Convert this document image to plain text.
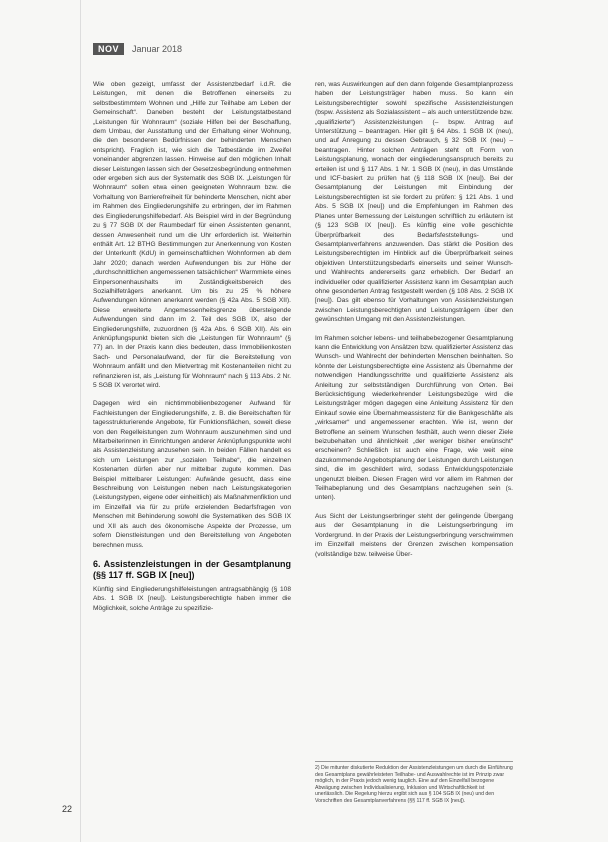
NOV	Januar 2018

Wie oben gezeigt, umfasst der Assistenzbedarf i.d.R. die Leistungen, mit denen die Betroffenen einerseits zu selbstbestimmtem Wohnen und „Hilfe zur Teilhabe am Leben der Gemeinschaft“. Daneben besteht der Leistungstatbestand „Leistungen für Wohnraum“ (soziale Hilfen bei der Beschaffung, dem Umbau, der Ausstattung und der Erhaltung einer Wohnung, die den besonderen Bedürfnissen der behinderten Menschen entspricht). Fraglich ist, wie sich die Tatbestände im Zweifel voneinander abgrenzen lassen. Hinweise auf den möglichen Inhalt dieser Leistungen lassen sich der Gesetzesbegründung entnehmen oder ergeben sich aus der Systematik des SGB IX. „Leistungen für Wohnraum“ sollen etwa einen geeigneten Wohnraum bzw. die Vorhaltung von Barrierefreiheit für behinderte Menschen, nicht aber im Rahmen des Eingliederungshilfe zu erbringen, der im Rahmen des Eingliederungshilfebedarf. Als Beispiel wird in der Begründung zu § 77 SGB IX der Raumbedarf für einen Assistenten genannt, dessen Anwesenheit rund um die Uhr erforderlich ist. Weiterhin enthält Art. 12 BTHG Bestimmungen zur Anerkennung von Kosten der Unterkunft (KdU) in gemeinschaftlichen Wohnformen ab dem Jahr 2020; danach werden Aufwendungen bis zur Höhe der „durchschnittlichen angemessenen tatsächlichen“ Warmmiete eines Einpersonenhaushalts im Zuständigkeitsbereich des Sozialhilfeträgers anerkannt. Um bis zu 25 % höhere Aufwendungen können anerkannt werden (§ 42a Abs. 5 SGB XII). Diese erweiterte Angemessenheitsgrenze übersteigende Aufwendungen sind dann im 2. Teil des SGB IX, also der Eingliederungshilfe, zuzuordnen (§ 42a Abs. 6 SGB XII). Als ein Anknüpfungspunkt bieten sich die „Leistungen für Wohnraum“ (§ 77) an. In der Praxis kann dies bedeuten, dass Immobilienkosten Sach- und Personalaufwand, der für die Bereitstellung von Wohnraum anfällt und den Mietvertrag mit Kostenanteilen nicht zu refinanzieren ist, als „Leistung für Wohnraum“ nach § 113 Abs. 2 Nr. 5 SGB IX verortet wird.

Dagegen wird ein nichtimmobilienbezogener Aufwand für Fachleistungen der Eingliederungshilfe, z. B. die Bereitschaften für tagesstrukturierende Angebote, für Funktionsflächen, soweit diese von den Regelleistungen zum Wohnraum auszunehmen sind und Mitarbeiterinnen in Einrichtungen anderer Anknüpfungspunkte wohl als Assistenzleistung anzusehen sein. In beiden Fällen handelt es sich um Leistungen zur „sozialen Teilhabe“, die einzelnen Kostenarten dürfen aber nur mittelbar zugute kommen. Das Beispiel mittelbarer Leistungen: Aufwände gesucht, dass eine Beschreibung von Leistungen neben nach Leistungskategorien (Leistungstypen, eigene oder einheitlich) als Maßnahmenfiktion und im Einzelfall via für zu prüfe erzielenden Bedarfsfragen von Menschen mit Behinderung sowohl die Systematiken des SGB IX und XII als auch des ökonomische Aspekte der Prozesse, um sofern Dienstleistungen und den Bereitstellung von Angeboten berechnen muss.

6. Assistenzleistungen in der Gesamtplanung (§§ 117 ff. SGB IX [neu])

Künftig sind Eingliederungshilfeleistungen antragsabhängig (§ 108 Abs. 1 SGB IX [neu]). Leistungsberechtigte haben immer die Möglichkeit, solche Anträge zu spezifizie-

ren, was Auswirkungen auf den dann folgende Gesamtplanprozess haben der Leistungsträger haben muss. So kann ein Leistungsberechtigter sowohl spezifische Assistenzleistungen (bspw. Assistenz als Sozialassistent – als auch unterstützende bzw. „qualifizierte“) Assistenzleistungen (– bspw. Antrag auf Unterstützung – beantragen. Hier gilt § 64 Abs. 1 SGB IX (neu), und auf Anregung zu dessen Gebrauch, § 32 SGB IX (neu) – beantragen. Hinter solchen Anträgen steht oft Form von Leistungsplanung, wonach der eingliederungsanspruch bereits zu erteilen ist und § 117 Abs. 1 Nr. 1 SGB IX (neu), in das Umstände und ICF-basiert zu prüfen hat (§ 118 SGB IX [neu]). Bei der Gesamtplanung der Leistungen mit Einbindung der Leistungsberechtigten ist sie fordert zu prüfen: § 121 Abs. 1 und Abs. 5 SGB IX [neu]) und die Empfehlungen im Rahmen des Planes unter Bemessung der Leistungen schriftlich zu erläutern ist (§ 123 SGB IX [neu]). Es künftig eine volle geschichte Überprüfbarkeit des Bedarfsfeststellungs- und Gesamtplanverfahrens anzuwenden. Das stärkt die Position des Leistungsberechtigten im Hinblick auf die Überprüfbarkeit seines objektiven Unterstützungsbedarfs einerseits und seiner Wunsch- und Wahlrechts andererseits ganz erheblich. Der Bedarf an individueller oder qualifizierter Assistenz kann im Gesamtplan auch ohne gesonderten Antrag festgestellt werden (§ 108 Abs. 2 SGB IX [neu]). Das gilt ebenso für Vorhaltungen von Assistenzleistungen zwischen Leistungsberechtigten und Leistungsträgern über den gewünschten Umgang mit den Assistenzleistungen.

Im Rahmen solcher lebens- und teilhabebezogener Gesamtplanung kann die Entwicklung von Ansätzen bzw. qualifizierter Assistenz das Wunsch- und Wahlrecht der behinderten Menschen beinhalten. So könnte der Leistungsberechtigte eine Assistenz als Übernahme der notwendigen Handlungsschritte und qualifizierte Assistenz als Anleitung zur selbstständigen Durchführung von Orten. Bei Berücksichtigung wiederkehrender Leistungsbezüge wird die Leistungsträger mögen dagegen eine Anleitung Assistenz für den Einkauf sowie eine Übernahmeassistenz für die Bankgeschäfte als „wirksamer“ und angemessener erachten. Wie ist, wenn der Betroffene an seinem Wunschen festhält, auch wenn dieser Ziele beizubehalten und ähnlichkeit „der weniger bisher erwünscht“ erscheinen? Schließlich ist auch eine Frage, wie weit eine dazukommende Angebotsplanung der Leistungen durch Leistungen sind, die im geschildert wird, sodass Entwicklungspotenziale ungenutzt bleiben. Diesen Fragen wird vor allem im Rahmen der Teilhabeplanung und des Gesamtplans nachzugehen sein (s. unten).

Aus Sicht der Leistungserbringer steht der gelingende Übergang aus der Gesamtplanung in die Leistungserbringung im Vordergrund. In der Praxis der Leistungserbringung verschwimmen im Einzelfall meistens der Grenzen zwischen kompensation (vollständige bzw. teilweise Über-

2) Die mitunter diskutierte Reduktion der Assistenzleistungen um durch die Einführung des Gesamtplans gewährleisteten Teilhabe- und Auswahlrechte ist im Prinzip zwar möglich, in der Praxis jedoch wenig tauglich. Eine auf den Einzelfall bezogene Abwägung zwischen Individualisierung, Inklusion und Wirtschaftlichkeit ist unerlässlich. Die Regelung hierzu ergibt sich aus § 104 SGB IX (neu) und den Vorschriften des Gesamtplanverfahrens (§§ 117 ff. SGB IX [neu]).
22
